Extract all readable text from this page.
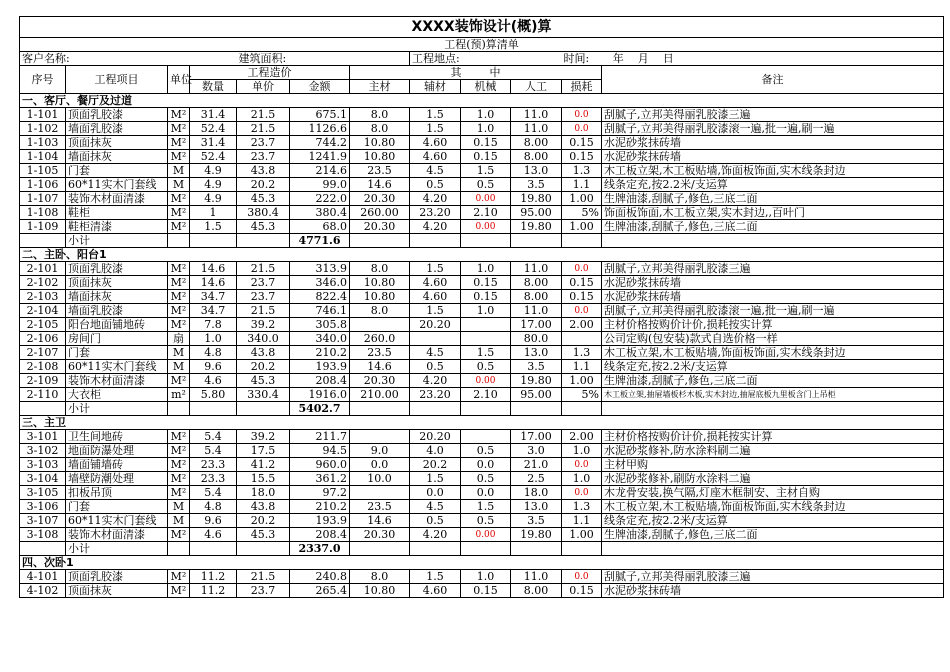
XXXX装饰设计(概)算											
工程(预)算清单											
客户名称:				建筑面积:			工程地点:			时间: 年    月    日	
序号	工程项目	单位	工程造价			其        中					备注
			数量	单价	金额	主材	辅材	机械	人工	损耗	
一、客厅、餐厅及过道											
1-101	顶面乳胶漆	M²	31.4	21.5	675.1	8.0	1.5	1.0	11.0	0.0	刮腻子,立邦美得丽乳胶漆三遍
1-102	墙面乳胶漆	M²	52.4	21.5	1126.6	8.0	1.5	1.0	11.0	0.0	刮腻子,立邦美得丽乳胶漆滚一遍,批一遍,刷一遍
1-103	顶面抹灰	M²	31.4	23.7	744.2	10.80	4.60	0.15	8.00	0.15	水泥砂浆抹砖墙
1-104	墙面抹灰	M²	52.4	23.7	1241.9	10.80	4.60	0.15	8.00	0.15	水泥砂浆抹砖墙
1-105	门套	M	4.9	43.8	214.6	23.5	4.5	1.5	13.0	1.3	木工板立架,木工板贴墙,饰面板饰面,实木线条封边
1-106	60*11实木门套线	M	4.9	20.2	99.0	14.6	0.5	0.5	3.5	1.1	线条定充,按2.2米/支运算
1-107	装饰木材面清漆	M²	4.9	45.3	222.0	20.30	4.20	0.00	19.80	1.00	生牌油漆,刮腻子,修色,三底二面
1-108	鞋柜	M²	1	380.4	380.4	260.00	23.20	2.10	95.00	5%	饰面板饰面,木工板立架,实木封边,,百叶门
1-109	鞋柜清漆	M²	1.5	45.3	68.0	20.30	4.20	0.00	19.80	1.00	生牌油漆,刮腻子,修色,三底二面
	小计				4771.6						
二、主卧、阳台1											
2-101	顶面乳胶漆	M²	14.6	21.5	313.9	8.0	1.5	1.0	11.0	0.0	刮腻子,立邦美得丽乳胶漆三遍
2-102	顶面抹灰	M²	14.6	23.7	346.0	10.80	4.60	0.15	8.00	0.15	水泥砂浆抹砖墙
2-103	墙面抹灰	M²	34.7	23.7	822.4	10.80	4.60	0.15	8.00	0.15	水泥砂浆抹砖墙
2-104	墙面乳胶漆	M²	34.7	21.5	746.1	8.0	1.5	1.0	11.0	0.0	刮腻子,立邦美得丽乳胶漆滚一遍,批一遍,刷一遍
2-105	阳台地面铺地砖	M²	7.8	39.2	305.8		20.20		17.00	2.00	主材价格按购价计价,损耗按实计算
2-106	房间门	扇	1.0	340.0	340.0	260.0			80.0		公司定购(包安装)款式自选价格一样
2-107	门套	M	4.8	43.8	210.2	23.5	4.5	1.5	13.0	1.3	木工板立架,木工板贴墙,饰面板饰面,实木线条封边
2-108	60*11实木门套线	M	9.6	20.2	193.9	14.6	0.5	0.5	3.5	1.1	线条定充,按2.2米/支运算
2-109	装饰木材面清漆	M²	4.6	45.3	208.4	20.30	4.20	0.00	19.80	1.00	生牌油漆,刮腻子,修色,三底二面
2-110	大衣柜	m²	5.80	330.4	1916.0	210.00	23.20	2.10	95.00	5%	木工板立架,抽屉墙板杉木板,实木封边,抽屉底板九里板含门上吊柜
	小计				5402.7						
三、主卫											
3-101	卫生间地砖	M²	5.4	39.2	211.7		20.20		17.00	2.00	主材价格按购价计价,损耗按实计算
3-102	地面防瀑处理	M²	5.4	17.5	94.5	9.0	4.0	0.5	3.0	1.0	水泥砂浆修补,防水涂料刷二遍
3-103	墙面铺墙砖	M²	23.3	41.2	960.0	0.0	20.2	0.0	21.0	0.0	主材甲购
3-104	墙壁防潮处理	M²	23.3	15.5	361.2	10.0	1.5	0.5	2.5	1.0	水泥砂浆修补,刷防水涂料二遍
3-105	扣板吊顶	M²	5.4	18.0	97.2		0.0	0.0	18.0	0.0	木龙骨安装,换气隔,灯座木框制安、主材自购
3-106	门套	M	4.8	43.8	210.2	23.5	4.5	1.5	13.0	1.3	木工板立架,木工板贴墙,饰面板饰面,实木线条封边
3-107	60*11实木门套线	M	9.6	20.2	193.9	14.6	0.5	0.5	3.5	1.1	线条定充,按2.2米/支运算
3-108	装饰木材面清漆	M²	4.6	45.3	208.4	20.30	4.20	0.00	19.80	1.00	生牌油漆,刮腻子,修色,三底二面
	小计				2337.0						
四、次卧1											
4-101	顶面乳胶漆	M²	11.2	21.5	240.8	8.0	1.5	1.0	11.0	0.0	刮腻子,立邦美得丽乳胶漆三遍
4-102	顶面抹灰	M²	11.2	23.7	265.4	10.80	4.60	0.15	8.00	0.15	水泥砂浆抹砖墙
